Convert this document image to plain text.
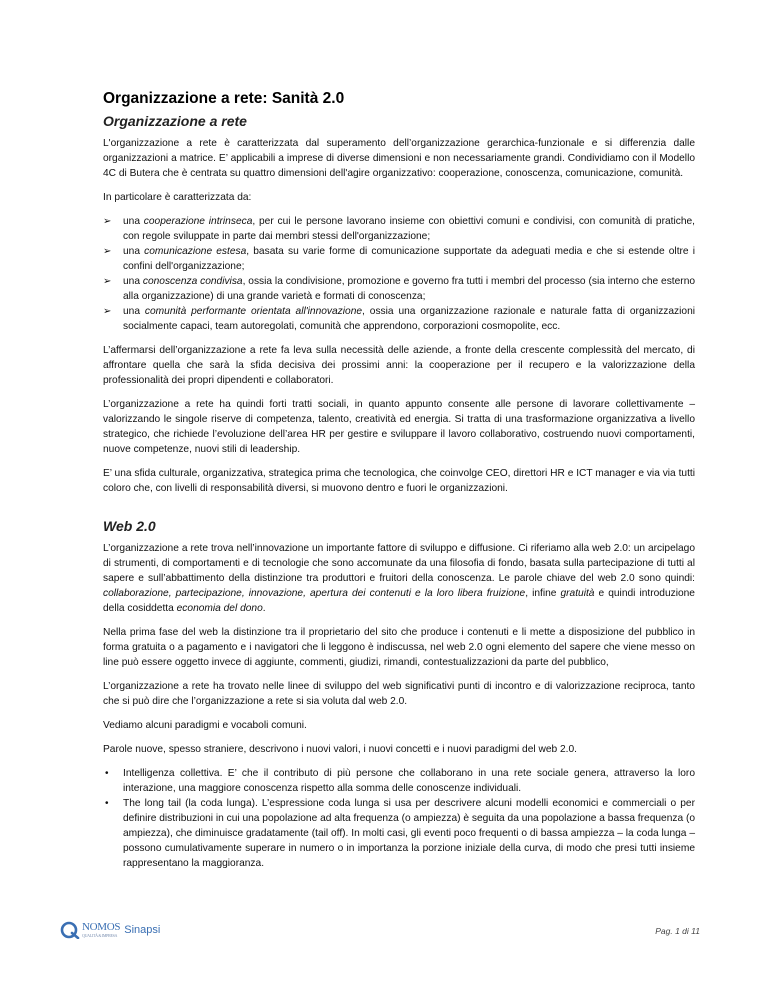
Organizzazione a rete: Sanità 2.0
Organizzazione a rete

L'organizzazione a rete è caratterizzata dal superamento dell’organizzazione gerarchica-funzionale e si differenzia dalle organizzazioni a matrice. E’ applicabili a imprese di diverse dimensioni e non necessariamente grandi. Condividiamo con il Modello 4C di Butera che è centrata su quattro dimensioni dell'agire organizzativo: cooperazione, conoscenza, comunicazione, comunità.

In particolare è caratterizzata da:

➢ una cooperazione intrinseca, per cui le persone lavorano insieme con obiettivi comuni e condivisi, con comunità di pratiche, con regole sviluppate in parte dai membri stessi dell'organizzazione;
➢ una comunicazione estesa, basata su varie forme di comunicazione supportate da adeguati media e che si estende oltre i confini dell'organizzazione;
➢ una conoscenza condivisa, ossia la condivisione, promozione e governo fra tutti i membri del processo (sia interno che esterno alla organizzazione) di una grande varietà e formati di conoscenza;
➢ una comunità performante orientata all'innovazione, ossia una organizzazione razionale e naturale fatta di organizzazioni socialmente capaci, team autoregolati, comunità che apprendono, corporazioni cosmopolite, ecc.

L’affermarsi dell’organizzazione a rete fa leva sulla necessità delle aziende, a fronte della crescente complessità del mercato, di affrontare quella che sarà la sfida decisiva dei prossimi anni: la cooperazione per il recupero e la valorizzazione della professionalità dei propri dipendenti e collaboratori.

L’organizzazione a rete ha quindi forti tratti sociali, in quanto appunto consente alle persone di lavorare collettivamente – valorizzando le singole riserve di competenza, talento, creatività ed energia. Si tratta di una trasformazione organizzativa a livello strategico, che richiede l’evoluzione dell’area HR per gestire e sviluppare il lavoro collaborativo, costruendo nuovi comportamenti, nuove competenze, nuovi stili di leadership.

E’ una sfida culturale, organizzativa, strategica prima che tecnologica, che coinvolge CEO, direttori HR e ICT manager e via via tutti coloro che, con livelli di responsabilità diversi, si muovono dentro e fuori le organizzazioni.

Web 2.0

L’organizzazione a rete trova nell’innovazione un importante fattore di sviluppo e diffusione. Ci riferiamo alla web 2.0: un arcipelago di strumenti, di comportamenti e di tecnologie che sono accomunate da una filosofia di fondo, basata sulla partecipazione di tutti al sapere e sull’abbattimento della distinzione tra produttori e fruitori della conoscenza. Le parole chiave del web 2.0 sono quindi: collaborazione, partecipazione, innovazione, apertura dei contenuti e la loro libera fruizione, infine gratuità e quindi introduzione della cosiddetta economia del dono.

Nella prima fase del web la distinzione tra il proprietario del sito che produce i contenuti e li mette a disposizione del pubblico in forma gratuita o a pagamento e i navigatori che li leggono è indiscussa, nel web 2.0 ogni elemento del sapere che viene messo on line può essere oggetto invece di aggiunte, commenti, giudizi, rimandi, contestualizzazioni da parte del pubblico,

L’organizzazione a rete ha trovato nelle linee di sviluppo del web significativi punti di incontro e di valorizzazione reciproca, tanto che si può dire che l’organizzazione a rete si sia voluta dal web 2.0.

Vediamo alcuni paradigmi e vocaboli comuni.

Parole nuove, spesso straniere, descrivono i nuovi valori, i nuovi concetti e i nuovi paradigmi del web 2.0.

• Intelligenza collettiva. E’ che il contributo di più persone che collaborano in una rete sociale genera, attraverso la loro interazione, una maggiore conoscenza rispetto alla somma delle conoscenze individuali.
• The long tail (la coda lunga). L’espressione coda lunga si usa per descrivere alcuni modelli economici e commerciali o per definire distribuzioni in cui una popolazione ad alta frequenza (o ampiezza) è seguita da una popolazione a bassa frequenza (o ampiezza), che diminuisce gradatamente (tail off). In molti casi, gli eventi poco frequenti o di bassa ampiezza – la coda lunga – possono cumulativamente superare in numero o in importanza la porzione iniziale della curva, di modo che presi tutti insieme rappresentano la maggioranza.
NOMOS
QUALITÀ & IMPRESA Sinapsi	Pag. 1 di 11
